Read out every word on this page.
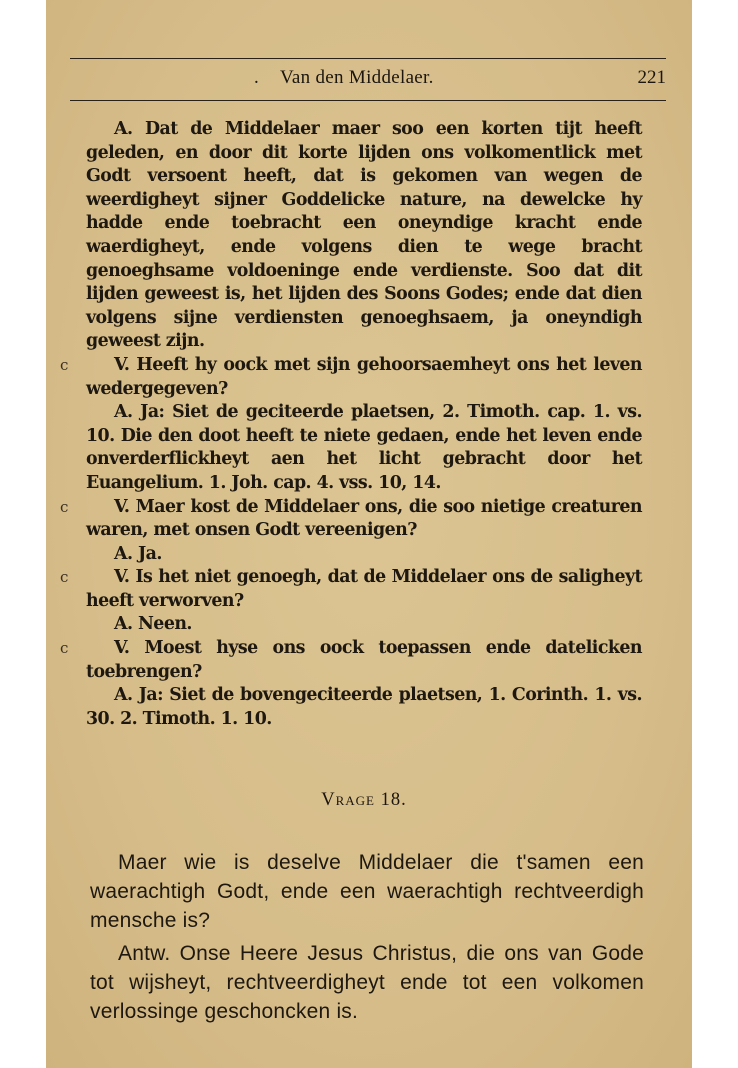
. Van den Middelaer.	221

A. Dat de Middelaer maer soo een korten tijt heeft geleden, en door dit korte lijden ons volkomentlick met Godt versoent heeft, dat is gekomen van wegen de weerdigheyt sijner Goddelicke nature, na dewelcke hy hadde ende toebracht een oneyndige kracht ende waerdigheyt, ende volgens dien te wege bracht genoeghsame voldoeninge ende verdienste. Soo dat dit lijden geweest is, het lijden des Soons Godes; ende dat dien volgens sijne verdiensten genoeghsaem, ja oneyndigh geweest zijn.

c	V. Heeft hy oock met sijn gehoorsaemheyt ons het leven wedergegeven?

A. Ja: Siet de geciteerde plaetsen, 2. Timoth. cap. 1. vs. 10. Die den doot heeft te niete gedaen, ende het leven ende onverderflickheyt aen het licht gebracht door het Euangelium. 1. Joh. cap. 4. vss. 10, 14.

c	V. Maer kost de Middelaer ons, die soo nietige creaturen waren, met onsen Godt vereenigen?

A. Ja.

c	V. Is het niet genoegh, dat de Middelaer ons de saligheyt heeft verworven?

A. Neen.

c	V. Moest hyse ons oock toepassen ende datelicken toebrengen?

A. Ja: Siet de bovengeciteerde plaetsen, 1. Corinth. 1. vs. 30. 2. Timoth. 1. 10.

Vrage 18.

Maer wie is deselve Middelaer die t'samen een waerachtigh Godt, ende een waerachtigh rechtveerdigh mensche is?

Antw. Onse Heere Jesus Christus, die ons van Gode tot wijsheyt, rechtveerdigheyt ende tot een volkomen verlossinge geschoncken is.
